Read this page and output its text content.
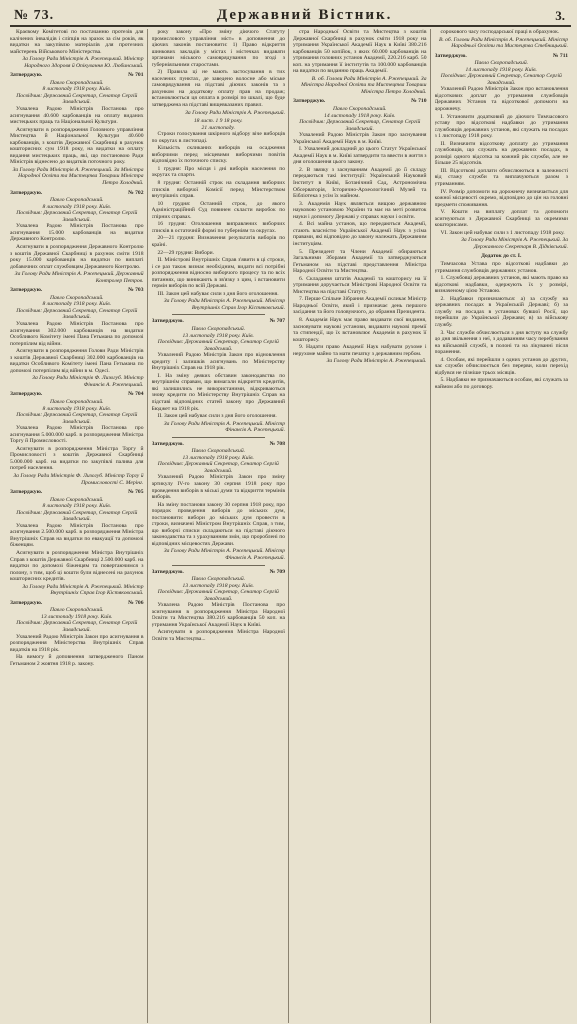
№ 73.	Державний Вістник.	3.

Краєвому Комітетові по постачанню протезів для калічених інвалідів і сліпців на зразок за сім років, як видатки на закупівлю матеріалів для протезних майстерень Військового Міністерства.

За Голову Ради Міністрів А. Ржепецький. Міністр Народного Здоровя й Опікування Ю. Любинський.

Затверджую.	№ 701

Павло Скоропадський.

8 листопаду 1918 року. Київ.

Посвідчив: Державний Секретар, Сенатор Сергій Завадський.

Ухвалена Радою Міністрів Постанова про асигнування 40.600 карбованців на оплату виданих мистецьких праць та Національної Культури.

Асигнувати в розпорядження Головного управління Мистецтва й Національної Культури 40.600 карбованців, з коштів Державної Скарбниці в рахунок кошторисних сум 1918 року, на видатки на оплату видання мистецьких праць, які, що постановою Ради Міністрів віднесено до видатків поточного року.

За Голову Ради Міністрів А. Ржепецький. За Міністра Народної Освіти та Мистецтва Товариш Міністра Петро Холодний.

Затверджую.	№ 702

Павло Скоропадський.

8 листопаду 1918 року. Київ.

Посвідчив: Державний Секретар, Сенатор Сергій Завадський.

Ухвалена Радою Міністрів Постанова про асигнування 15.000 карбованців на видатки Державного Контролю.

Асигнувати в розпорядження Державного Контролю з коштів Державної Скарбниці в рахунок сміти 1918 року 15.000 карбованців на видатки по виплаті добавочних оплат службовцям Державного Контролю.

За Голову Ради Міністрів А. Ржепецький. Державний Контролер Петров.

Затверджую.	№ 703

Павло Скоропадський.

8 листопаду 1918 року. Київ.

Посвідчив: Державний Секретар, Сенатор Сергій Завадський.

Ухвалена Радою Міністрів Постанова про асигнування 302.000 карбованців на видатки Особливого Комітету імені Пана Гетьмана по допомозі потерпілим від війни.

Асигнувати в розпорядження Голови Ради Міністрів з коштів Державної Скарбниці 302.000 карбованців на видатки Особливого Комітету імені Пана Гетьмана по допомозі потерпілим від війни в м. Одесі.

За Голову Ради Міністрів Ф. Лизогуб. Міністр Фінансів А. Ржепецький.

Затверджую.	№ 704

Павло Скоропадський.

8 листопаду 1918 року. Київ.

Посвідчив: Державний Секретар, Сенатор Сергій Завадський.

Ухвалена Радою Міністрів Постанова про асигнування 5.000.000 карб. в розпорядження Міністра Торгу й Промисловості.

Асигнувати в розпорядження Міністра Торгу й Промисловості з коштів Державної Скарбниці 5.000.000 карб. на видатки по закупівлі палива для потреб населення.

За Голову Ради Міністрів Ф. Лизогуб. Міністр Торгу й Промисловості С. Мерінг.

Затверджую.	№ 705

Павло Скоропадський.

8 листопаду 1918 року. Київ.

Посвідчив: Державний Секретар, Сенатор Сергій Завадський.

Ухвалена Радою Міністрів Постанова про асигнування 2.500.000 карб. в розпорядження Міністра Внутрішніх Справ на видатки по евакуації та допомозі біженцям.

Асигнувати в розпорядження Міністра Внутрішніх Справ з коштів Державної Скарбниці 2.500.000 карб. на видатки по допомозі біженцям та повертаючимся з полону, з тим, щоб ці кошти були віднесені на рахунок кошторисних кредитів.

За Голову Ради Міністрів А. Ржепецький. Міністр Внутрішніх Справ Ігор Кістяковський.

Затверджую.	№ 706

Павло Скоропадський.

13 листопаду 1918 року. Київ.

Посвідчив: Державний Секретар, Сенатор Сергій Завадський.

Ухвалений Радою Міністрів Закон про асигнування в розпорядження Міністерства Внутрішніх Справ видатків на 1918 рік.

На вимогу й доповнення затвердженого Паном Гетьманом 2 жовтня 1918 р. закону.

року закону «Про зміну діючого Статуту промислового управління міст» в доповнення до діючих законів постановити: 1) Право відкриття шинкових закладів у містах і містечках видавати органами міського самоврядування по згоді з губерніяльними старостами.

2) Правила ці не мають застосування в тих населених пунктах, де заведено волосне або міське самоврядування на підставі діючих законів та з рахунком на додаткову оплату прав на продаж; встановлюється ця оплата в розмірі по шкалі, що буде затверджена на підставі вищевказаних правил.

За Голову Ради Міністрів А. Ржепецький.

18 лист. 1 9 18 року.

21 листопаду.

Строки голосування шкірного відбору віче виборців по округах в листопаді.

Кількість скликаних виборців на осадження виборчими перед місцевими виборчими повітів відповідно їх поточного списку.

1 грудня: Про місця і дні виборів населення по округах та спарти.

8 грудня: Останній строк на складання виборчих списків виборчої Комісії перед Мінстерством внутрішніх справ.

10 грудня: Останній строк, до якого Адміністраційний Суд повинен скласти виробок по спірних справах.

16 грудня: Оголошення виправлених виборчих списків в остаточній формі по губерніям та округах.

20—21 грудня: Визначення результатів виборів по країні.

22—29 грудня: Вибори.

II. Міністрові Внутрішніх Справ з'явити в ці строки, і се раз також визнає необхідним, видати всі потрібні розпорядження відносно виборчого процесу та по всіх питаннях, що виникають в зв'язку з цим, і встановити термін виборів по всій Державі.

III. Закон цей набуває сили з дня його оголошення.

За Голову Ради Міністрів А. Ржепецький. Міністр Внутрішніх Справ Ігор Кістяковський.

Затверджую.	№ 707

Павло Скоропадський.

13 листопаду 1918 року. Київ.

Посвідчив: Державний Секретар, Сенатор Сергій Завадський.

Ухвалений Радою Міністрів Закон про відновлення кредиту і залишків асигнувань по Міністерству Внутрішніх Справ на 1918 рік.

I. На зміну деяких обставин законодавства по внутрішнім справам, що вимагали відкриття кредитів, які залишились не використаними, відкриваються знову кредити по Міністерству Внутрішніх Справ на підставі відповідних статей закону про Державний Бюджет на 1918 рік.

II. Закон цей набуває сили з дня його оголошення.

За Голову Ради Міністрів А. Ржепецький. Міністр Фінансів А. Ржепецький.

Затверджую.	№ 708

Павло Скоропадський.

13 листопаду 1918 року. Київ.

Посвідчив: Державний Секретар, Сенатор Сергій Завадський.

Ухвалений Радою Міністрів Закон про зміну артикулу IV-го закону 30 серпня 1918 року про проведення виборів в міські думи та відкриття термінів виборів.

На зміну постанови закону 30 серпня 1918 року, про порядок проведення виборів до міських дум, постановити: вибори до міських дум провести в строки, визначені Міністром Внутрішніх Справ, з тим, що виборчі списки складаються на підставі діючого законодавства та з урахуванням змін, що пророблені по відповідних місцевостях Держави.

За Голову Ради Міністрів А. Ржепецький. Міністр Фінансів А. Ржепецький.

Затверджую.	№ 709

Павло Скоропадський.

13 листопаду 1918 року. Київ.

Посвідчив: Державний Секретар, Сенатор Сергій Завадський.

Ухвалена Радою Міністрів Постанова про асигнування в розпорядження Міністра Народної Освіти та Мистецтва 380.216 карбованців 50 коп. на утримання Української Академії Наук в Київі.

Асигнувати в розпорядження Міністра Народної Освіти та Мистецтва...

стра Народньої Освіти та Мистецтва з коштів Державної Скарбниці в рахунок сміти 1918 року на утримання Української Академії Наук в Київі 380.216 карбованців 50 копійок, з яких 60.000 карбованців на утримання головних установ Академії, 220.216 карб. 50 коп. на утримання її інститутів та 100.000 карбованців на видатки по виданню праць Академії.

В. об. Голови Ради Міністрів А. Ржепецький. За Міністра Народної Освіти та Мистецтва Товариш Міністра Петро Холодний.

Затверджую.	№ 710

Павло Скоропадський.

14 листопаду 1918 року. Київ.

Посвідчив: Державний Секретар, Сенатор Сергій Завадський.

Ухвалений Радою Міністрів Закон про заснування Української Академії Наук в м. Київі.

I. Ухвалений докладний до цього Статут Української Академії Наук в м. Київі затвердити та ввести в життя з дня оголошення цього закону.

2. В звязку з заснуванням Академії до її складу передаються такі інституції: Український Науковий Інститут в Київі, Ботанічний Сад, Астрономічна Обсерваторія, Історично-Археологічний Музей та Бібліотека з усім їх майном.

3. Академія Наук являється вищою державною науковою установою України та має на меті розвиток науки і допомогу Державі у справах науки і освіти.

4. Всі майна установ, що передаються Академії, стають власністю Української Академії Наук з усіма правами, які відповідно до закону належать Державним інституціям.

5. Президент та Члени Академії обираються Загальними Зборами Академії та затверджуються Гетьманом на підставі представлення Міністра Народної Освіти та Мистецтва.

6. Складання штатів Академії та кошторису на її утримання доручається Міністрові Народної Освіти та Мистецтва на підставі Статуту.

7. Перше Спільне Зібрання Академії скликає Міністр Народньої Освіти, який і призначає день першого засідання та його головуючого, до обрання Президента.

8. Академія Наук має право видавати свої видання, засновувати наукові установи, видавати наукові премії та стипендії, що їх встановлює Академія в рахунок її кошторису.

9. Надати право Академії Наук набувати рухоме і нерухоме майно та мати печатку з державним гербом.

За Голову Ради Міністрів А. Ржепецький.

сорокового часу господарської праці в обрахунок.

В. об. Голови Ради Міністрів А. Ржепецький. Міністр Народньої Освіти та Мистецтва Стебницький.

Затверджую.	№ 711

Павло Скоропадський.

14 листопаду 1918 року. Київ.

Посвідчив: Державний Секретар, Сенатор Сергій Завадський.

Ухвалений Радою Міністрів Закон про встановлення відсоткових доплат до утримання службовців Державних Установ та відсоткової допомоги на дорожнечу.

I. Установити додатковий до діючого Тимчасового уставу про відсоткові надбавки до утримання службовців державних установ, які служать на посадах з 1 листопаду 1918 року.

II. Визначити відсоткову доплату до утримання службовців, що служать на державних посадах, в розмірі одного відсотка за кожний рік служби, але не більше 25 відсотків.

III. Відсоткові доплати обчислюються в залежності від стажу служби та виплачуються разом з утриманням.

IV. Розмір допомоги на дорожнечу визначається для кожної місцевості окремо, відповідно до цін на головні предмети споживання.

V. Кошти на виплату доплат та допомоги асигнуються з Державної Скарбниці за окремими кошторисами.

VI. Закон цей набуває сили з 1 листопаду 1918 року.

За Голову Ради Міністрів А. Ржепецький. За Державного Секретаря В. Дідківський.

Додаток до ст. I.

Тимчасова Устава про відсоткові надбавки до утримання службовців державних установ.

1. Службовці державних установ, які мають право на відсоткові надбавки, одержують їх у розмірі, визначеному цією Уставою.

2. Надбавки призначаються: а) за службу на державних посадах в Українській Державі; б) за службу на посадах в установах бувшої Росії, що перейшли до Української Держави; в) за військову службу.

3. Час служби обчислюється з дня вступу на службу до дня звільнення з неї, з додаванням часу перебування на військовій службі, в полоні та на лікуванні після поранення.

4. Особам, які перейшли з одних установ до других, час служби обчислюється без перерви, коли перехід відбувся не пізніше трьох місяців.

5. Надбавки не призначаються особам, які служать за наймом або по договору.
